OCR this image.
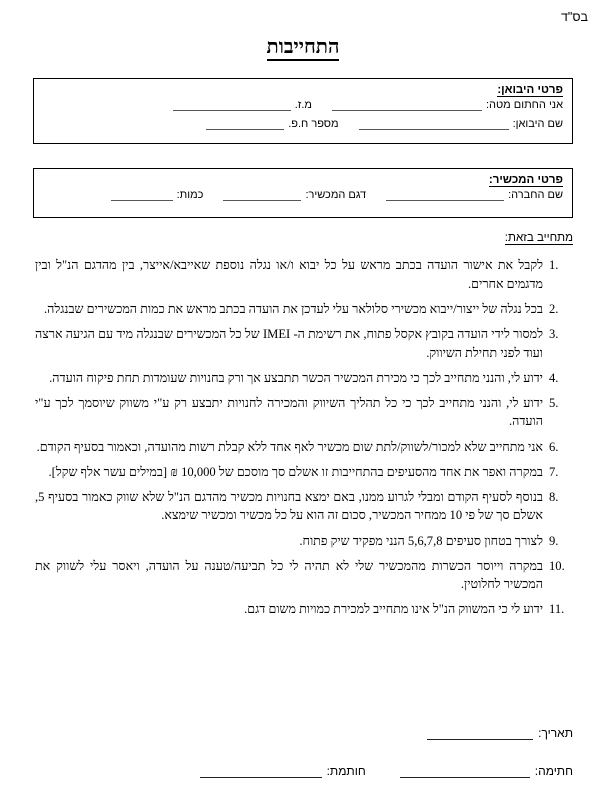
בס"ד
התחייבות
פרטי היבואן:
אני החתום מטה:
מ.ז.
שם היבואן:
מספר ח.פ.
פרטי המכשיר:
שם החברה:
דגם המכשיר:
כמות:
מתחייב בזאת:
1.
לקבל את אישור הועדה בכתב מראש על כל יבוא ו/או נגלה נוספת שאייבא/אייצר, בין מהדגם הנ"ל ובין מדגמים אחרים.
2.
בכל נגלה של ייצור/ייבוא מכשירי סלולאר עלי לעדכן את הועדה בכתב מראש את כמות המכשירים שבנגלה.
3.
למסור לידי הועדה בקובץ אקסל פתוח, את רשימת ה- IMEI של כל המכשירים שבנגלה מיד עם הגיעה ארצה ועוד לפני תחילת השיווק.
4.
ידוע לי, והנני מתחייב לכך כי מכירת המכשיר הכשר תתבצע אך ורק בחנויות שעומדות תחת פיקוח הועדה.
5.
ידוע לי, והנני מתחייב לכך כי כל תהליך השיווק והמכירה לחנויות יתבצע רק ע"י משווק שיוסמך לכך ע"י הועדה.
6.
אני מתחייב שלא למכור/לשווק/לתת שום מכשיר לאף אחד ללא קבלת רשות מהועדה, וכאמור בסעיף הקודם.
7.
במקרה ואפר את אחד מהסעיפים בהתחייבות זו אשלם סך מוסכם של 10,000 ₪ [במילים עשר אלף שקל].
8.
בנוסף לסעיף הקודם ומבלי לגרוע ממנו, באם ימצא בחנויות מכשיר מהדגם הנ"ל שלא שווק כאמור בסעיף 5, אשלם סך של פי 10 ממחיר המכשיר, סכום זה הוא על כל מכשיר ומכשיר שימצא.
9.
לצורך בטחון סעיפים 5,6,7,8 הנני מפקיד שיק פתוח.
10.
במקרה וייוסר הכשרות מהמכשיר שלי לא תהיה לי כל תביעה/טענה על הועדה, ויאסר עלי לשווק את המכשיר לחלוטין.
11.
ידוע לי כי המשווק הנ"ל אינו מתחייב למכירת כמויות משום דגם.
תאריך:
חתימה:
חותמת:
